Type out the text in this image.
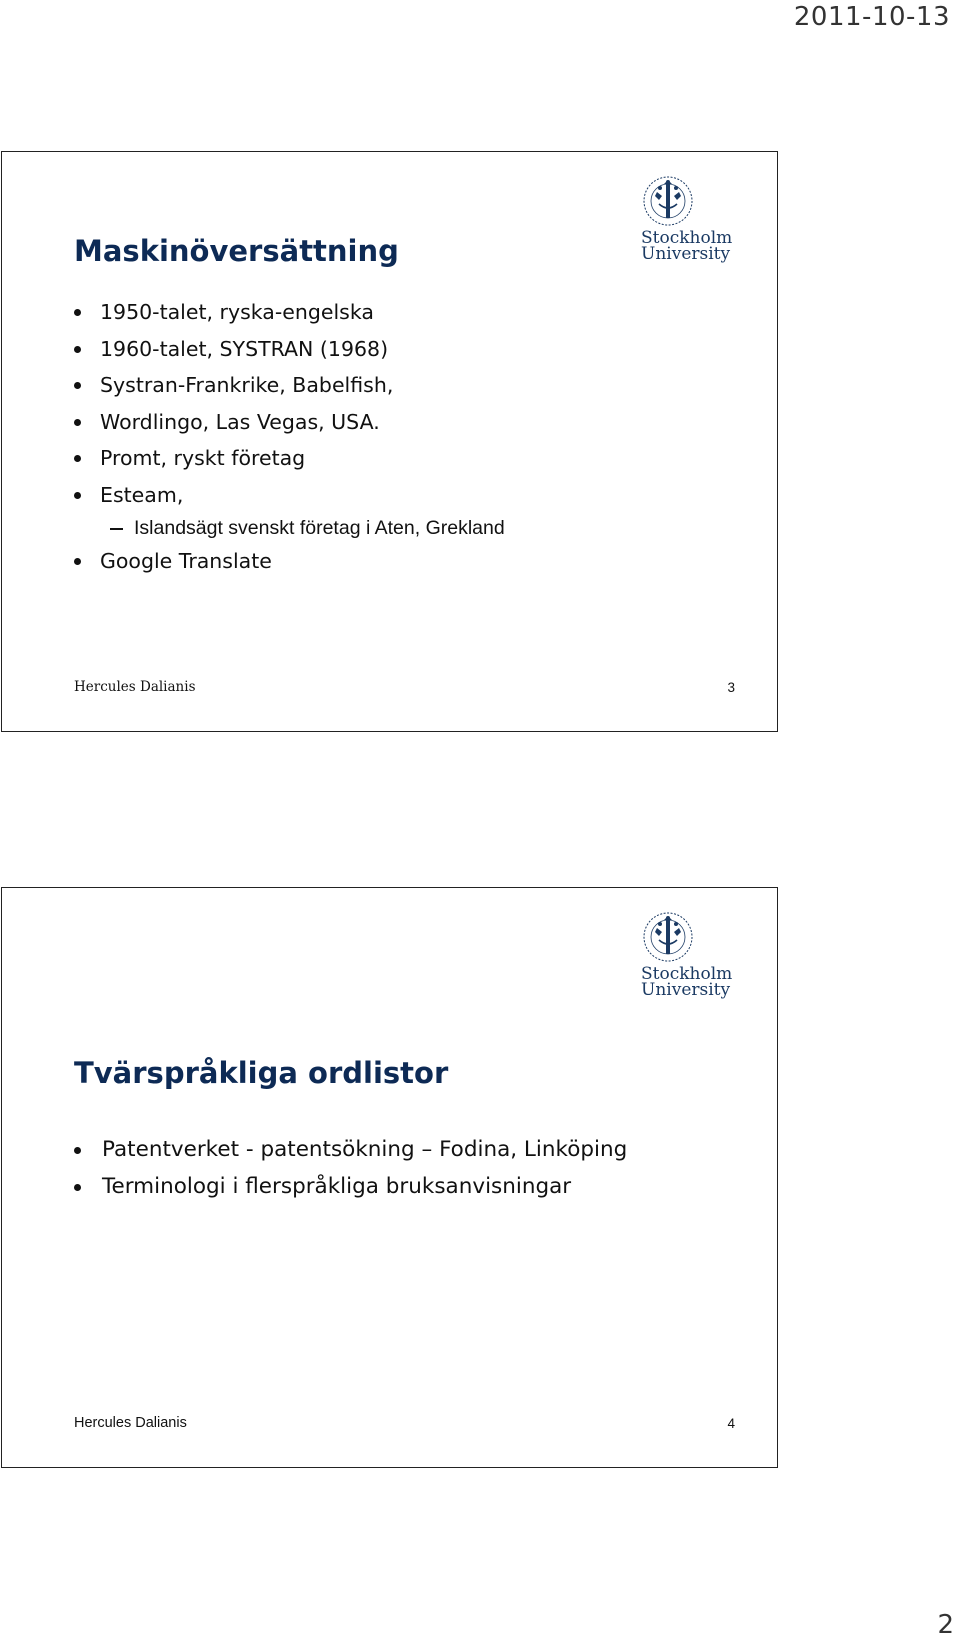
2011-10-13
Stockholm
University
Maskinöversättning
1950-talet, ryska-engelska
1960-talet, SYSTRAN (1968)
Systran-Frankrike, Babelfish,
Wordlingo, Las Vegas, USA.
Promt, ryskt företag
Esteam,
Islandsägt svenskt företag i Aten, Grekland
Google Translate
Hercules Dalianis	3
Stockholm
University
Tvärspråkliga ordlistor
Patentverket - patentsökning – Fodina, Linköping
Terminologi i flerspråkliga bruksanvisningar
Hercules Dalianis	4
2
